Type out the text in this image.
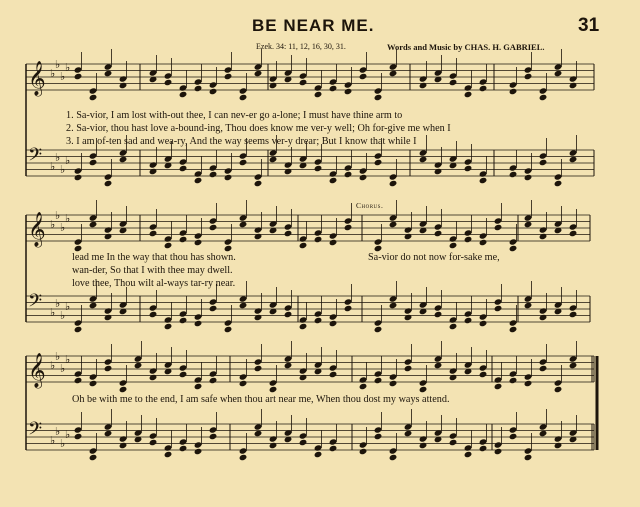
𝄞 ♭
♭
♭
♭
𝄢 ♭
♭
♭
♭
𝄞 ♭
♭
♭
♭
𝄢 ♭
♭
♭
♭
𝄞 ♭
♭
♭
♭
𝄢 ♭
♭
♭
♭
BE NEAR ME.	31
Ezek. 34: 11, 12, 16, 30, 31.	Words and Music by CHAS. H. GABRIEL.
1. Sa-vior, I am lost with-out thee, I can nev-er go a-lone; I must have thine arm to
2. Sa-vior, thou hast love a-bound-ing, Thou does know me ver-y well; Oh for-give me when I
3. I am of-ten sad and wea-ry, And the way seems ver-y drear; But I know that while I
lead me In the way that thou has shown.
wan-der, So that I with thee may dwell.
love thee, Thou wilt al-ways tar-ry near.
Chorus.
Sa-vior do not now for-sake me,
Oh be with me to the end, I am safe when thou art near me, When thou dost my ways attend.
